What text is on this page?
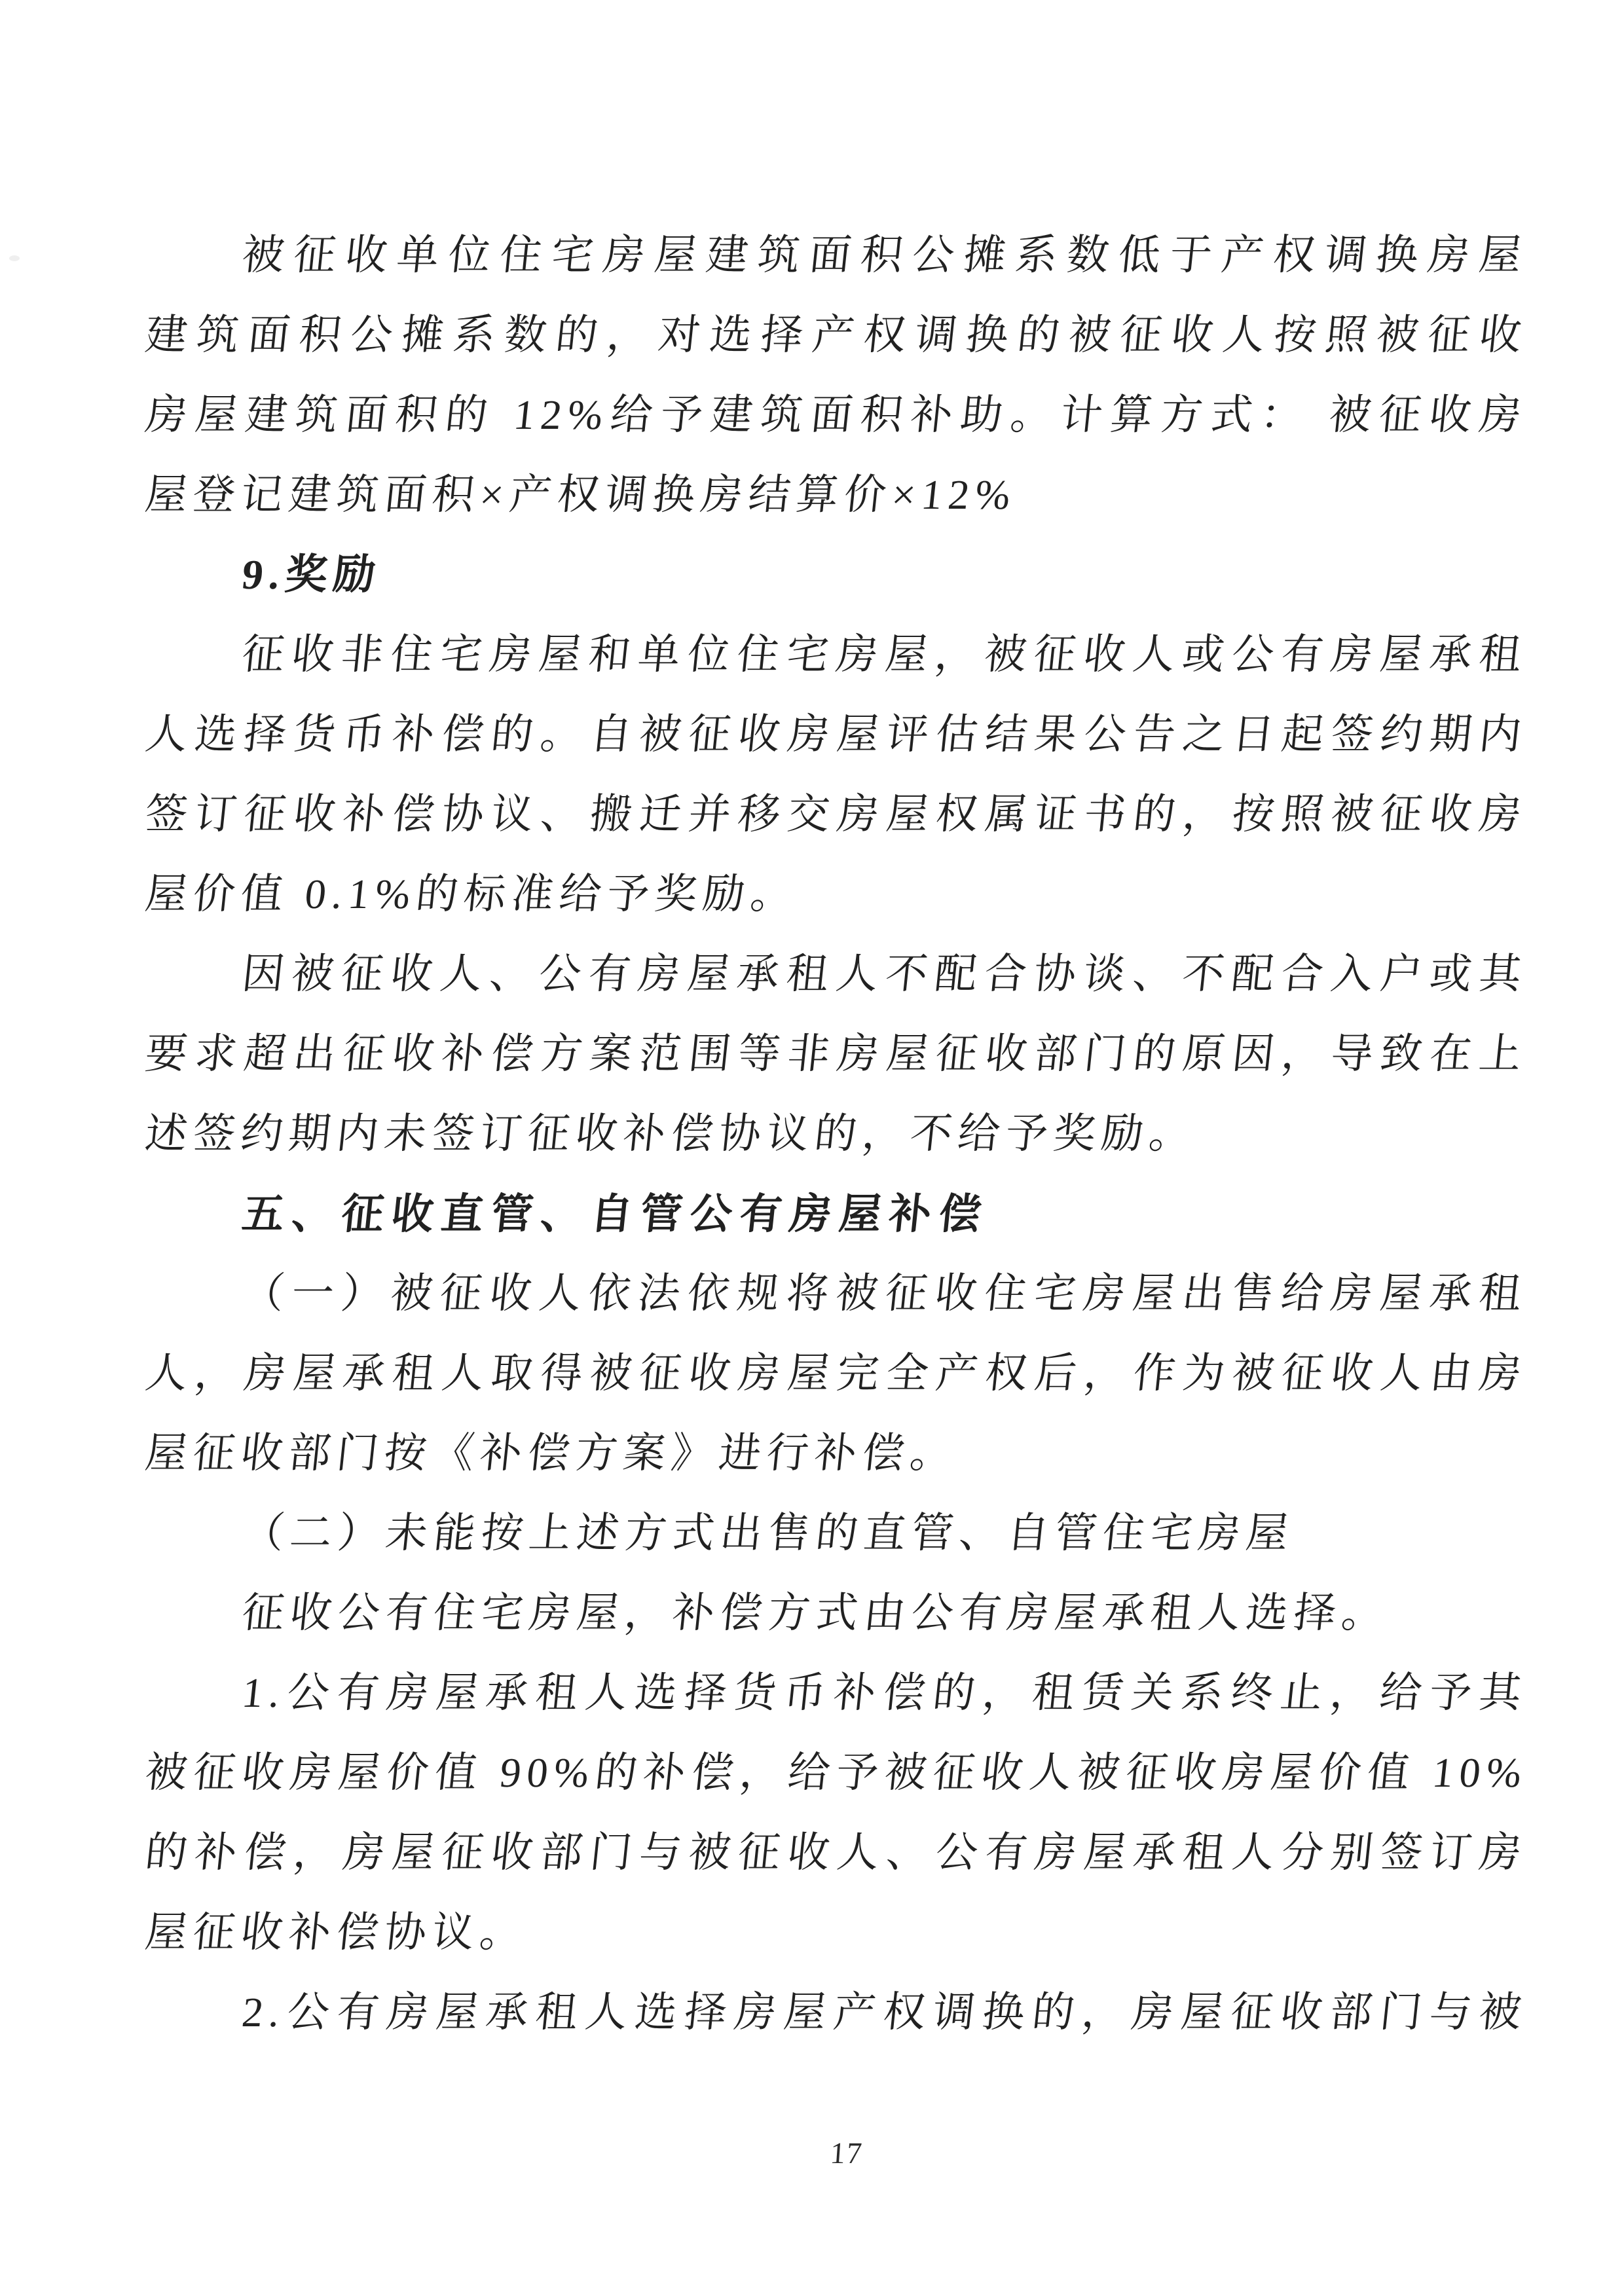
被征收单位住宅房屋建筑面积公摊系数低于产权调换房屋
建筑面积公摊系数的，对选择产权调换的被征收人按照被征收
房屋建筑面积的 12%给予建筑面积补助。计算方式： 被征收房
屋登记建筑面积×产权调换房结算价×12%
9.奖励
征收非住宅房屋和单位住宅房屋，被征收人或公有房屋承租
人选择货币补偿的。自被征收房屋评估结果公告之日起签约期内
签订征收补偿协议、搬迁并移交房屋权属证书的，按照被征收房
屋价值 0.1%的标准给予奖励。
因被征收人、公有房屋承租人不配合协谈、不配合入户或其
要求超出征收补偿方案范围等非房屋征收部门的原因，导致在上
述签约期内未签订征收补偿协议的，不给予奖励。
五、征收直管、自管公有房屋补偿
（一）被征收人依法依规将被征收住宅房屋出售给房屋承租
人，房屋承租人取得被征收房屋完全产权后，作为被征收人由房
屋征收部门按《补偿方案》进行补偿。
（二）未能按上述方式出售的直管、自管住宅房屋
征收公有住宅房屋，补偿方式由公有房屋承租人选择。
1.公有房屋承租人选择货币补偿的，租赁关系终止，给予其
被征收房屋价值 90%的补偿，给予被征收人被征收房屋价值 10%
的补偿，房屋征收部门与被征收人、公有房屋承租人分别签订房
屋征收补偿协议。
2.公有房屋承租人选择房屋产权调换的，房屋征收部门与被
17
